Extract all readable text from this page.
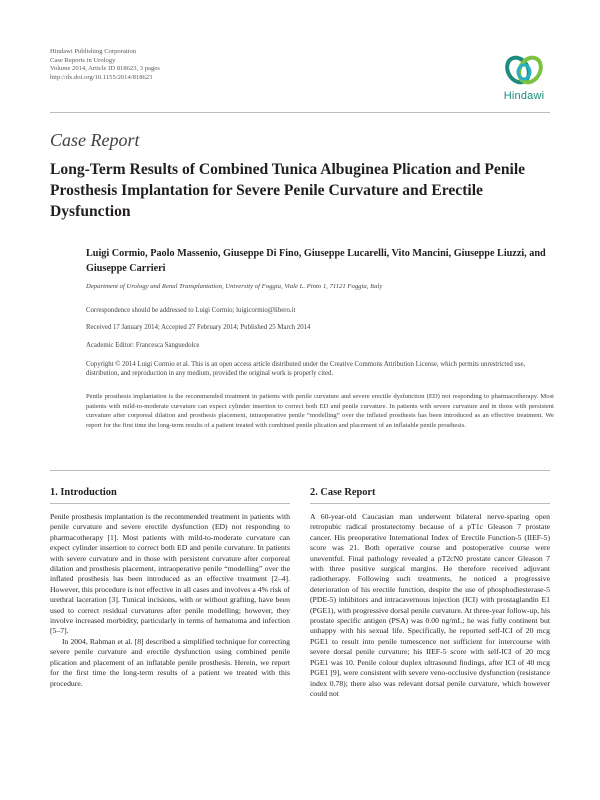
Hindawi Publishing Corporation
Case Reports in Urology
Volume 2014, Article ID 818623, 3 pages
http://dx.doi.org/10.1155/2014/818623
Hindawi
Case Report
Long-Term Results of Combined Tunica Albuginea Plication and Penile Prosthesis Implantation for Severe Penile Curvature and Erectile Dysfunction
Luigi Cormio, Paolo Massenio, Giuseppe Di Fino, Giuseppe Lucarelli, Vito Mancini, Giuseppe Liuzzi, and Giuseppe Carrieri
Department of Urology and Renal Transplantation, University of Foggia, Viale L. Pinto 1, 71121 Foggia, Italy
Correspondence should be addressed to Luigi Cormio; luigicormio@libero.it
Received 17 January 2014; Accepted 27 February 2014; Published 25 March 2014
Academic Editor: Francesca Sanguedolce
Copyright © 2014 Luigi Cormio et al. This is an open access article distributed under the Creative Commons Attribution License, which permits unrestricted use, distribution, and reproduction in any medium, provided the original work is properly cited.
Penile prosthesis implantation is the recommended treatment in patients with penile curvature and severe erectile dysfunction (ED) not responding to pharmacotherapy. Most patients with mild-to-moderate curvature can expect cylinder insertion to correct both ED and penile curvature. In patients with severe curvature and in those with persistent curvature after corporeal dilation and prosthesis placement, intraoperative penile “modelling” over the inflated prosthesis has been introduced as an effective treatment. We report for the first time the long-term results of a patient treated with combined penile plication and placement of an inflatable penile prosthesis.
1. Introduction

Penile prosthesis implantation is the recommended treatment in patients with penile curvature and severe erectile dysfunction (ED) not responding to pharmacotherapy [1]. Most patients with mild-to-moderate curvature can expect cylinder insertion to correct both ED and penile curvature. In patients with severe curvature and in those with persistent curvature after corporeal dilation and prosthesis placement, intraoperative penile “modelling” over the inflated prosthesis has been introduced as an effective treatment [2–4]. However, this procedure is not effective in all cases and involves a 4% risk of urethral laceration [3]. Tunical incisions, with or without grafting, have been used to correct residual curvatures after penile modelling; however, they involve increased morbidity, particularly in terms of hematoma and infection [5–7].

In 2004, Rahman et al. [8] described a simplified technique for correcting severe penile curvature and erectile dysfunction using combined penile plication and placement of an inflatable penile prosthesis. Herein, we report for the first time the long-term results of a patient we treated with this procedure.

2. Case Report

A 60-year-old Caucasian man underwent bilateral nerve-sparing open retropubic radical prostatectomy because of a pT1c Gleason 7 prostate cancer. His preoperative International Index of Erectile Function-5 (IIEF-5) score was 21. Both operative course and postoperative course were uneventful. Final pathology revealed a pT2cN0 prostate cancer Gleason 7 with three positive surgical margins. He therefore received adjuvant radiotherapy. Following such treatments, he noticed a progressive deterioration of his erectile function, despite the use of phosphodiesterase-5 (PDE-5) inhibitors and intracavernous injection (ICI) with prostaglandin E1 (PGE1), with progressive dorsal penile curvature. At three-year follow-up, his prostate specific antigen (PSA) was 0.00 ng/mL; he was fully continent but unhappy with his sexual life. Specifically, he reported self-ICI of 20 mcg PGE1 to result into penile tumescence not sufficient for intercourse with severe dorsal penile curvature; his IIEF-5 score with self-ICI of 20 mcg PGE1 was 10. Penile colour duplex ultrasound findings, after ICI of 40 mcg PGE1 [9], were consistent with severe veno-occlusive dysfunction (resistance index 0.78); there also was relevant dorsal penile curvature, which however could not
